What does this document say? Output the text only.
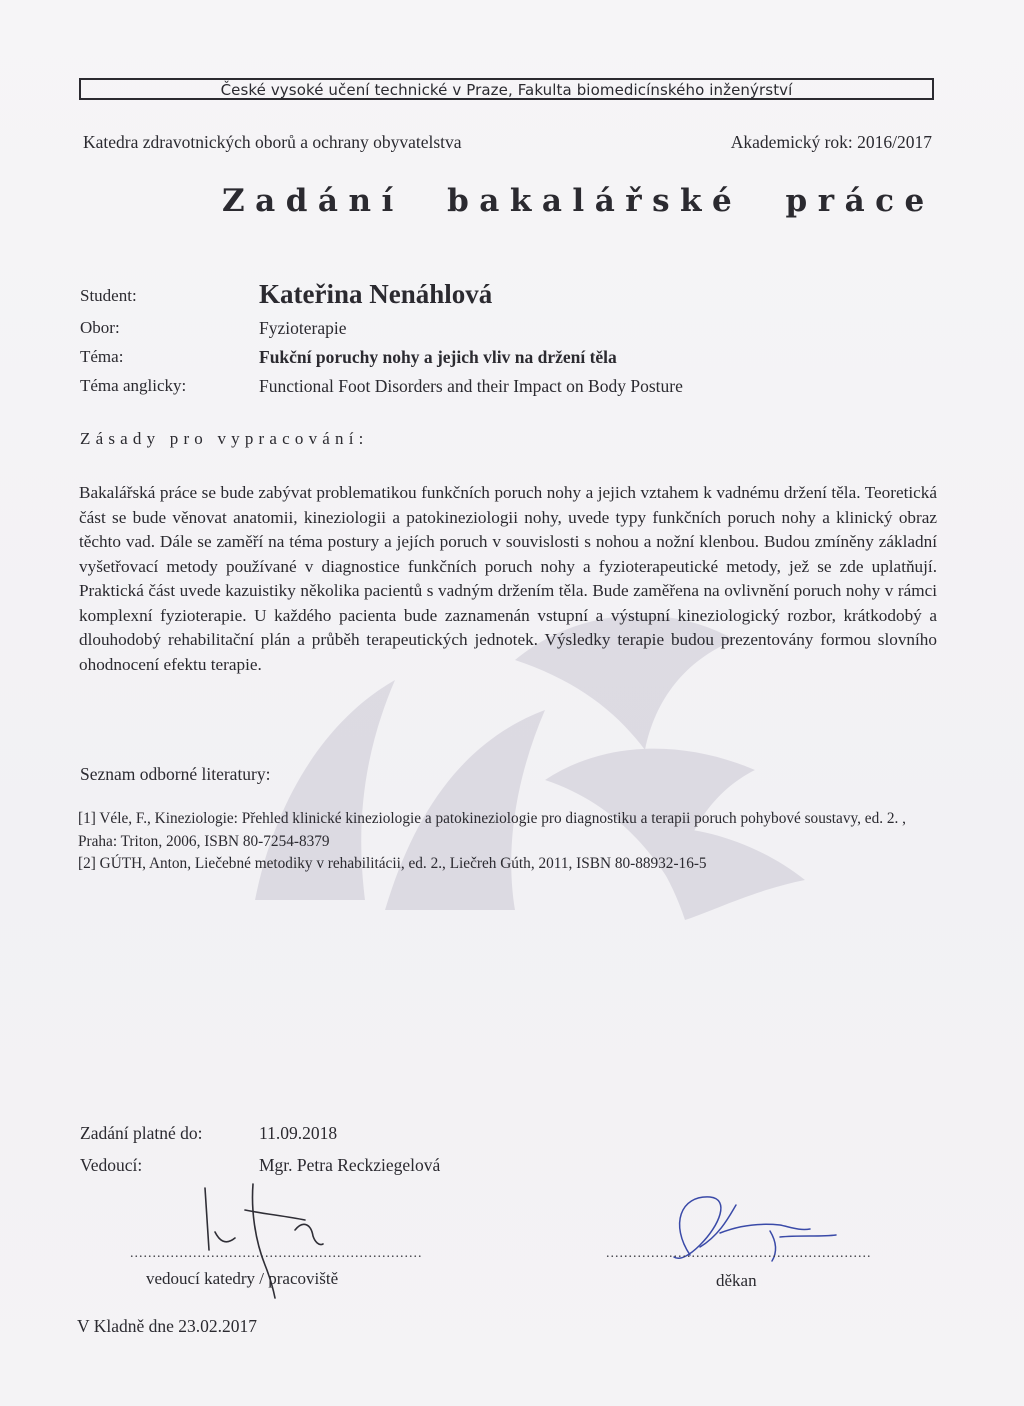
České vysoké učení technické v Praze, Fakulta biomedicínského inženýrství
Katedra zdravotnických oborů a ochrany obyvatelstva	Akademický rok: 2016/2017
Zadání bakalářské práce
Student:	Kateřina Nenáhlová
Obor:	Fyzioterapie
Téma:	Fukční poruchy nohy a jejich vliv na držení těla
Téma anglicky:	Functional Foot Disorders and their Impact on Body Posture
Zásady pro vypracování:
Bakalářská práce se bude zabývat problematikou funkčních poruch nohy a jejich vztahem k vadnému držení těla. Teoretická část se bude věnovat anatomii, kineziologii a patokineziologii nohy, uvede typy funkčních poruch nohy a klinický obraz těchto vad. Dále se zaměří na téma postury a jejích poruch v souvislosti s nohou a nožní klenbou. Budou zmíněny základní vyšetřovací metody používané v diagnostice funkčních poruch nohy a fyzioterapeutické metody, jež se zde uplatňují. Praktická část uvede kazuistiky několika pacientů s vadným držením těla. Bude zaměřena na ovlivnění poruch nohy v rámci komplexní fyzioterapie. U každého pacienta bude zaznamenán vstupní a výstupní kineziologický rozbor, krátkodobý a dlouhodobý rehabilitační plán a průběh terapeutických jednotek. Výsledky terapie budou prezentovány formou slovního ohodnocení efektu terapie.
Seznam odborné literatury:
[1] Véle, F., Kineziologie: Přehled klinické kineziologie a patokineziologie pro diagnostiku a terapii poruch pohybové soustavy, ed. 2. , Praha: Triton, 2006, ISBN 80-7254-8379
[2] GÚTH, Anton, Liečebné metodiky v rehabilitácii, ed. 2., Liečreh Gúth, 2011, ISBN 80-88932-16-5
Zadání platné do:	11.09.2018
Vedoucí:	Mgr. Petra Reckziegelová
.................................................................
vedoucí katedry / pracoviště
...........................................................
děkan
V Kladně dne 23.02.2017
